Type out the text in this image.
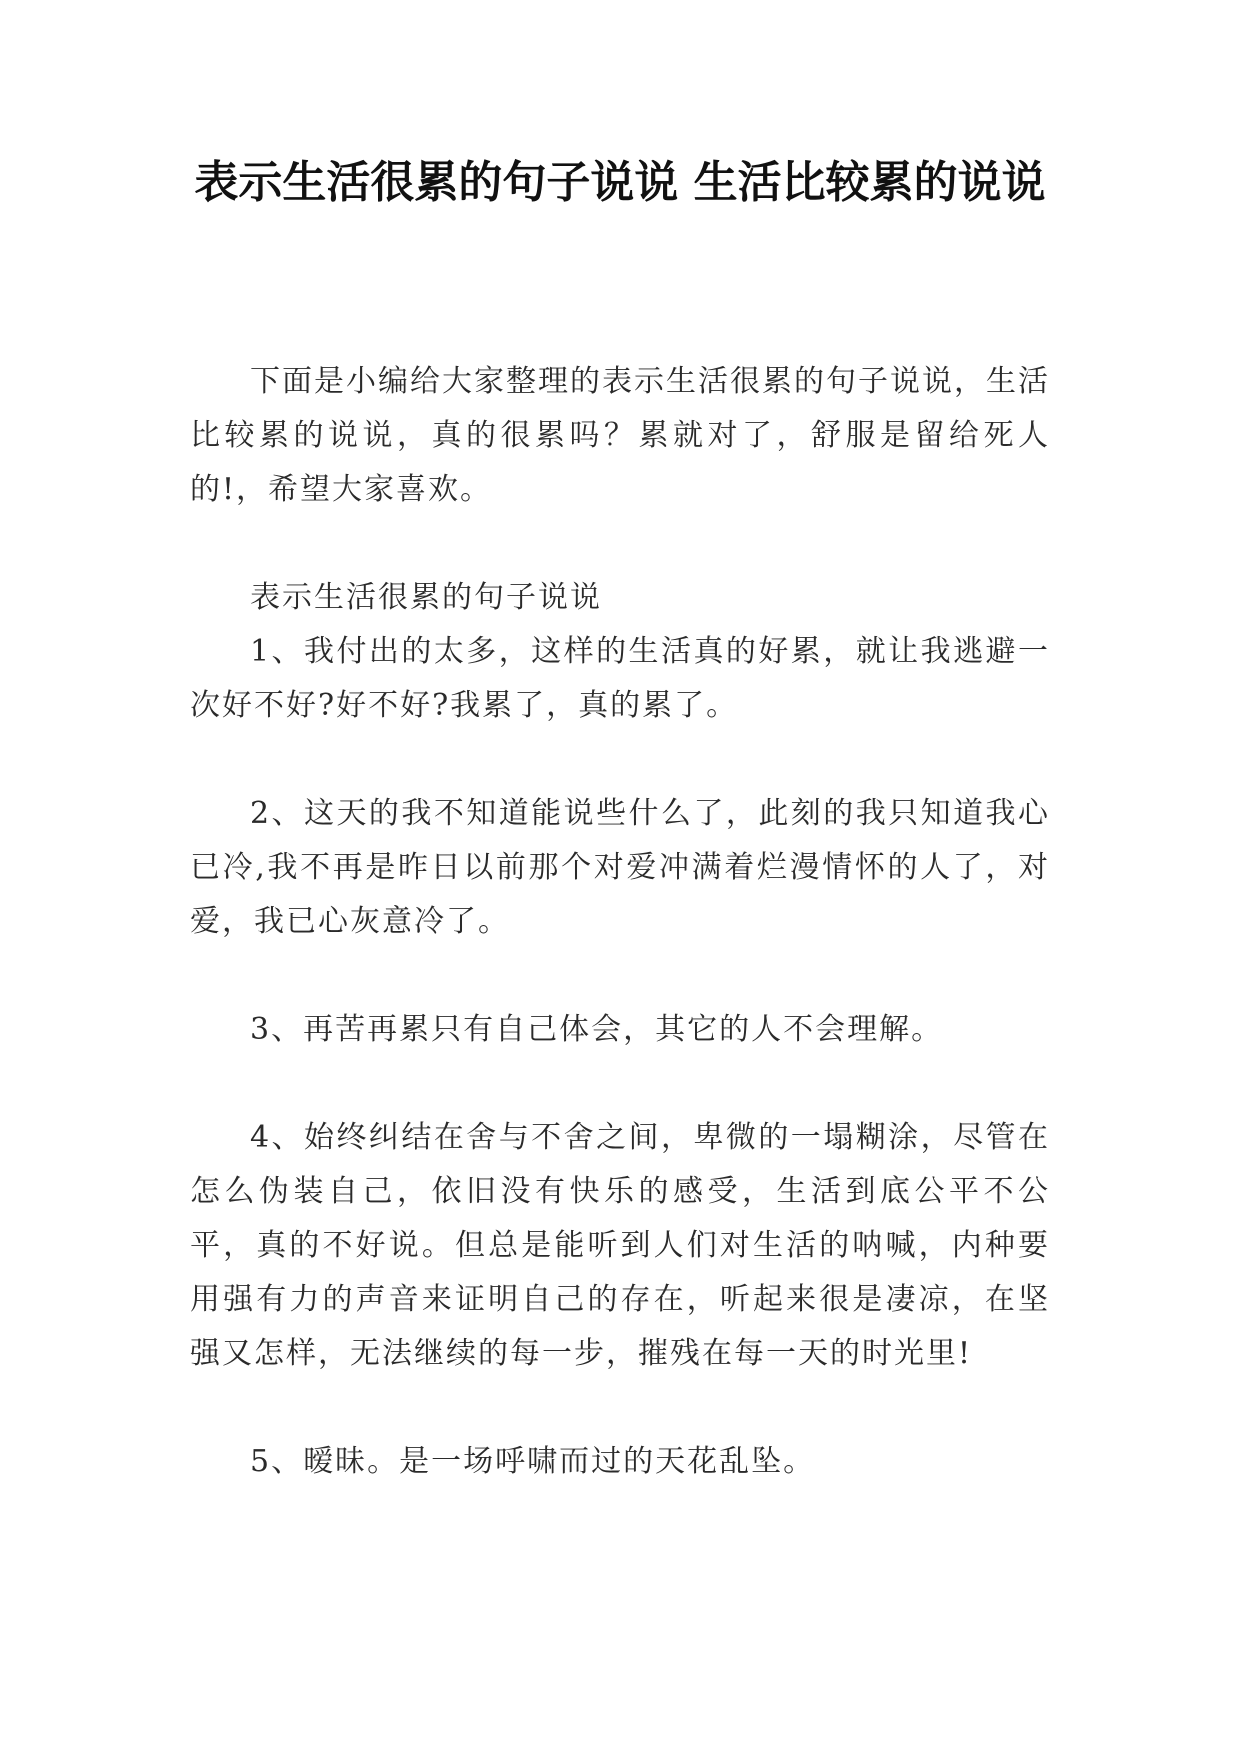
表示生活很累的句子说说 生活比较累的说说

下面是小编给大家整理的表示生活很累的句子说说，生活比较累的说说，真的很累吗？累就对了，舒服是留给死人的!，希望大家喜欢。

表示生活很累的句子说说

1、我付出的太多，这样的生活真的好累，就让我逃避一次好不好?好不好?我累了，真的累了。

2、这天的我不知道能说些什么了，此刻的我只知道我心已冷,我不再是昨日以前那个对爱冲满着烂漫情怀的人了，对爱，我已心灰意冷了。

3、再苦再累只有自己体会，其它的人不会理解。

4、始终纠结在舍与不舍之间，卑微的一塌糊涂，尽管在怎么伪装自己，依旧没有快乐的感受，生活到底公平不公平，真的不好说。但总是能听到人们对生活的呐喊，内种要用强有力的声音来证明自己的存在，听起来很是凄凉，在坚强又怎样，无法继续的每一步，摧残在每一天的时光里!

5、暧昧。是一场呼啸而过的天花乱坠。
